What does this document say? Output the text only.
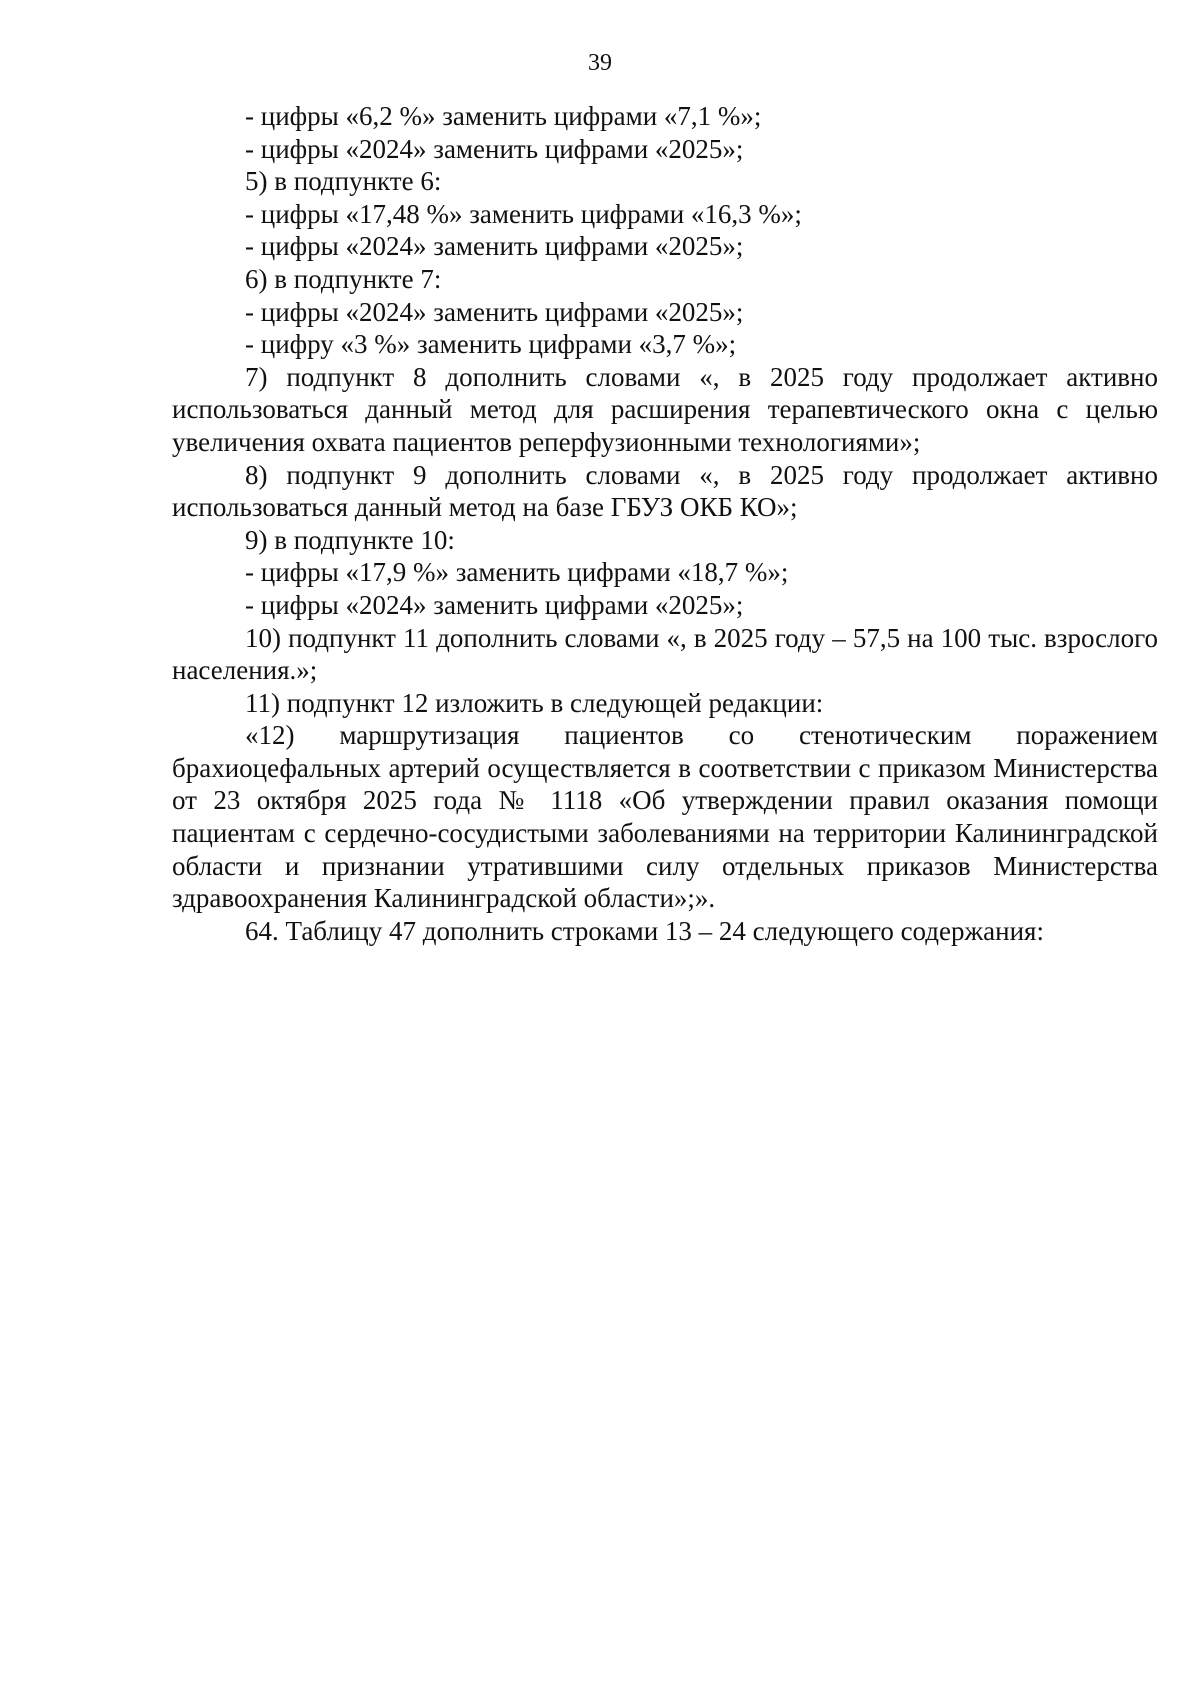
39

- цифры «6,2 %» заменить цифрами «7,1 %»;

- цифры «2024» заменить цифрами «2025»;

5) в подпункте 6:

- цифры «17,48 %» заменить цифрами «16,3 %»;

- цифры «2024» заменить цифрами «2025»;

6) в подпункте 7:

- цифры «2024» заменить цифрами «2025»;

- цифру «3 %» заменить цифрами «3,7 %»;

7) подпункт 8 дополнить словами «, в 2025 году продолжает активно использоваться данный метод для расширения терапевтического окна с целью увеличения охвата пациентов реперфузионными технологиями»;

8) подпункт 9 дополнить словами «, в 2025 году продолжает активно использоваться данный метод на базе ГБУЗ ОКБ КО»;

9) в подпункте 10:

- цифры «17,9 %» заменить цифрами «18,7 %»;

- цифры «2024» заменить цифрами «2025»;

10) подпункт 11 дополнить словами «, в 2025 году – 57,5 на 100 тыс. взрослого населения.»;

11) подпункт 12 изложить в следующей редакции:

«12) маршрутизация пациентов со стенотическим поражением брахиоцефальных артерий осуществляется в соответствии с приказом Министерства от 23 октября 2025 года № 1118 «Об утверждении правил оказания помощи пациентам с сердечно-сосудистыми заболеваниями на территории Калининградской области и признании утратившими силу отдельных приказов Министерства здравоохранения Калининградской области»;».

64. Таблицу 47 дополнить строками 13 – 24 следующего содержания:
